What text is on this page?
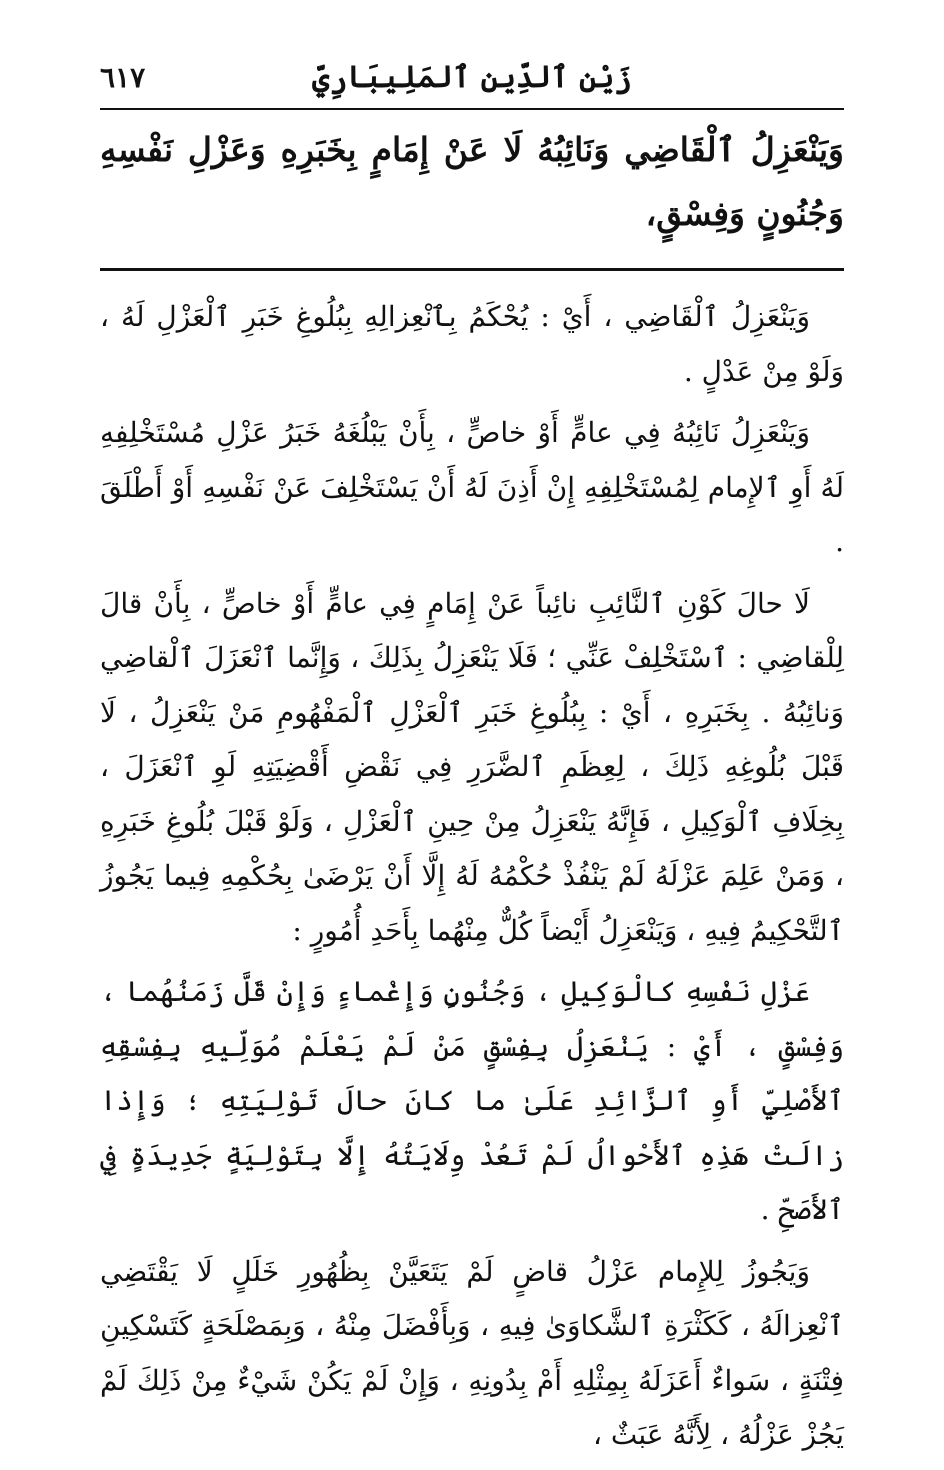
زَيْن ٱلدِّين ٱلمَلِيبَارِيّ
٦١٧

وَيَنْعَزِلُ ٱلْقَاضِي وَنَائِبُهُ لَا عَنْ إِمَامٍ بِخَبَرِهِ وَعَزْلِ نَفْسِهِ وَجُنُونٍ وَفِسْقٍ،

وَيَنْعَزِلُ ٱلْقَاضِي ، أَيْ : يُحْكَمُ بِٱنْعِزالِهِ بِبُلُوغِ خَبَرِ ٱلْعَزْلِ لَهُ ، وَلَوْ مِنْ عَدْلٍ .

وَيَنْعَزِلُ نَائِبُهُ فِي عامٍّ أَوْ خاصٍّ ، بِأَنْ يَبْلُغَهُ خَبَرُ عَزْلِ مُسْتَخْلِفِهِ لَهُ أَوِ ٱلإِمام لِمُسْتَخْلِفِهِ إِنْ أَذِنَ لَهُ أَنْ يَسْتَخْلِفَ عَنْ نَفْسِهِ أَوْ أَطْلَقَ .

لَا حالَ كَوْنِ ٱلنَّائِبِ نائِباً عَنْ إِمَامٍ فِي عامٍّ أَوْ خاصٍّ ، بِأَنْ قالَ لِلْقاضِي : ٱسْتَخْلِفْ عَنِّي ؛ فَلَا يَنْعَزِلُ بِذَلِكَ ، وَإِنَّما ٱنْعَزَلَ ٱلْقاضِي وَنائِبُهُ . بِخَبَرِهِ ، أَيْ : بِبُلُوغِ خَبَرِ ٱلْعَزْلِ ٱلْمَفْهُومِ مَنْ يَنْعَزِلُ ، لَا قَبْلَ بُلُوغِهِ ذَلِكَ ، لِعِظَمِ ٱلضَّرَرِ فِي نَقْضِ أَقْضِيَتِهِ لَوِ ٱنْعَزَلَ ، بِخِلَافِ ٱلْوَكِيلِ ، فَإِنَّهُ يَنْعَزِلُ مِنْ حِينِ ٱلْعَزْلِ ، وَلَوْ قَبْلَ بُلُوغِ خَبَرِهِ ، وَمَنْ عَلِمَ عَزْلَهُ لَمْ يَنْفُذْ حُكْمُهُ لَهُ إِلَّا أَنْ يَرْضَىٰ بِحُكْمِهِ فِيما يَجُوزُ ٱلتَّحْكِيمُ فِيهِ ، وَيَنْعَزِلُ أَيْضاً كُلٌّ مِنْهُما بِأَحَدِ أُمُورٍ :

عَزْلِ نَفْسِهِ كالْوَكِيلِ ، وَجُنُونٍ وَإِغْماءٍ وَإِنْ قَلَّ زَمَنُهُما ، وَفِسْقٍ ، أَيْ : يَنْعَزِلُ بِفِسْقٍ مَنْ لَمْ يَعْلَمْ مُوَلِّيهِ بِفِسْقِهِ ٱلأَصْلِيِّ أَوِ ٱلزَّائِدِ عَلَىٰ ما كانَ حالَ تَوْلِيَتِهِ ؛ وَإِذا زالَتْ هَذِهِ ٱلأَحْوالُ لَمْ تَعُدْ وِلَايَتُهُ إِلَّا بِتَوْلِيَةٍ جَدِيدَةٍ فِي ٱلأَصَحِّ .

وَيَجُوزُ لِلإِمام عَزْلُ قاضٍ لَمْ يَتَعَيَّنْ بِظُهُورِ خَلَلٍ لَا يَقْتَضِي ٱنْعِزالَهُ ، كَكَثْرَةِ ٱلشَّكاوَىٰ فِيهِ ، وَبِأَفْضَلَ مِنْهُ ، وَبِمَصْلَحَةٍ كَتَسْكِينِ فِتْنَةٍ ، سَواءٌ أَعَزَلَهُ بِمِثْلِهِ أَمْ بِدُونِهِ ، وَإِنْ لَمْ يَكُنْ شَيْءٌ مِنْ ذَلِكَ لَمْ يَجُزْ عَزْلُهُ ، لِأَنَّهُ عَبَثٌ ،
